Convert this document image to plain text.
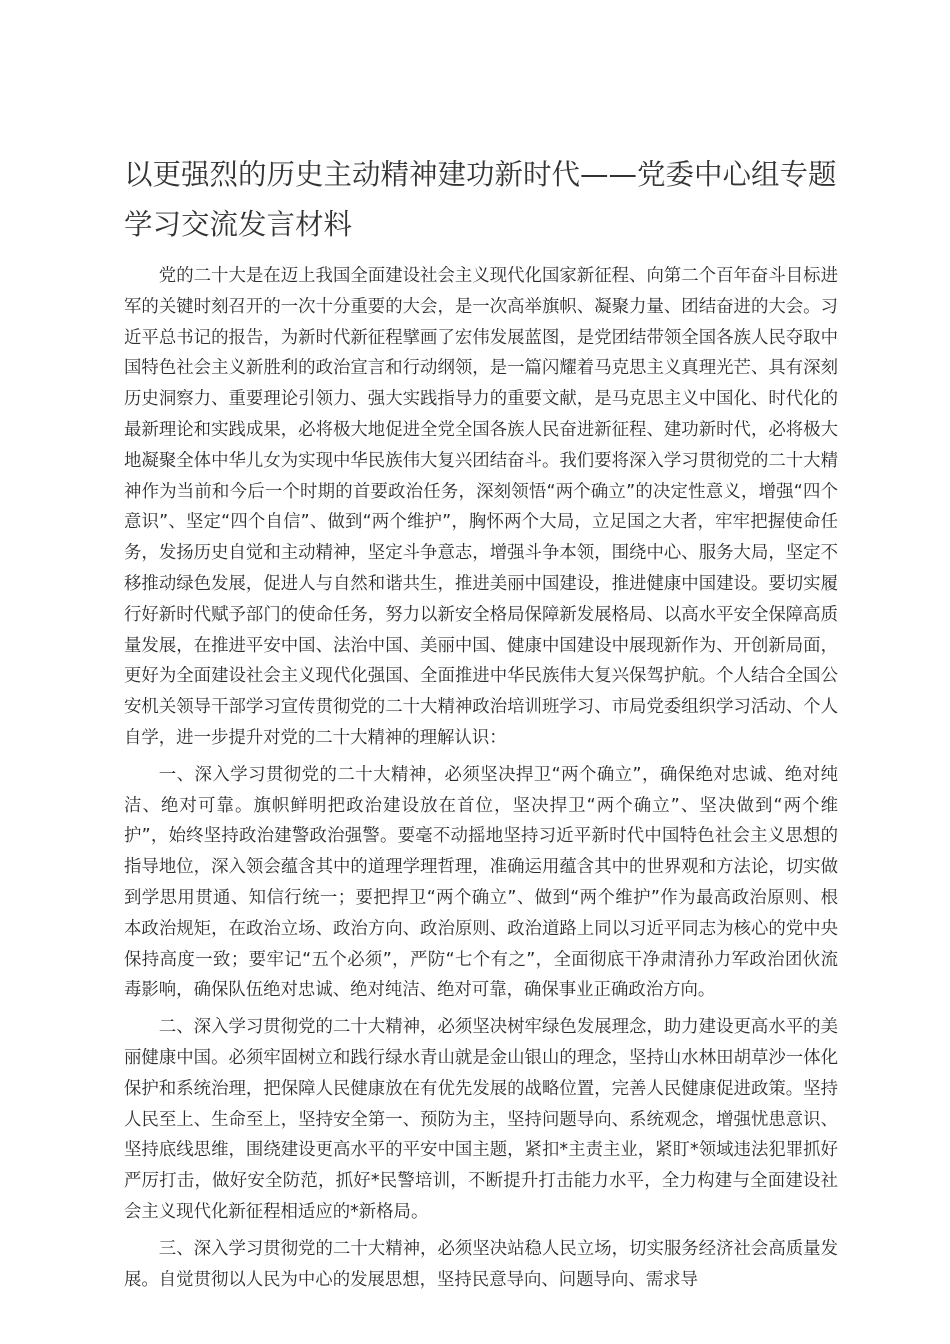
以更强烈的历史主动精神建功新时代——党委中心组专题学习交流发言材料

党的二十大是在迈上我国全面建设社会主义现代化国家新征程、向第二个百年奋斗目标进军的关键时刻召开的一次十分重要的大会，是一次高举旗帜、凝聚力量、团结奋进的大会。习近平总书记的报告，为新时代新征程擘画了宏伟发展蓝图，是党团结带领全国各族人民夺取中国特色社会主义新胜利的政治宣言和行动纲领，是一篇闪耀着马克思主义真理光芒、具有深刻历史洞察力、重要理论引领力、强大实践指导力的重要文献，是马克思主义中国化、时代化的最新理论和实践成果，必将极大地促进全党全国各族人民奋进新征程、建功新时代，必将极大地凝聚全体中华儿女为实现中华民族伟大复兴团结奋斗。我们要将深入学习贯彻党的二十大精神作为当前和今后一个时期的首要政治任务，深刻领悟“两个确立”的决定性意义，增强“四个意识”、坚定“四个自信”、做到“两个维护”，胸怀两个大局，立足国之大者，牢牢把握使命任务，发扬历史自觉和主动精神，坚定斗争意志，增强斗争本领，围绕中心、服务大局，坚定不移推动绿色发展，促进人与自然和谐共生，推进美丽中国建设，推进健康中国建设。要切实履行好新时代赋予部门的使命任务，努力以新安全格局保障新发展格局、以高水平安全保障高质量发展，在推进平安中国、法治中国、美丽中国、健康中国建设中展现新作为、开创新局面，更好为全面建设社会主义现代化强国、全面推进中华民族伟大复兴保驾护航。个人结合全国公安机关领导干部学习宣传贯彻党的二十大精神政治培训班学习、市局党委组织学习活动、个人自学，进一步提升对党的二十大精神的理解认识：

一、深入学习贯彻党的二十大精神，必须坚决捍卫“两个确立”，确保绝对忠诚、绝对纯洁、绝对可靠。旗帜鲜明把政治建设放在首位，坚决捍卫“两个确立”、坚决做到“两个维护”，始终坚持政治建警政治强警。要毫不动摇地坚持习近平新时代中国特色社会主义思想的指导地位，深入领会蕴含其中的道理学理哲理，准确运用蕴含其中的世界观和方法论，切实做到学思用贯通、知信行统一；要把捍卫“两个确立”、做到“两个维护”作为最高政治原则、根本政治规矩，在政治立场、政治方向、政治原则、政治道路上同以习近平同志为核心的党中央保持高度一致；要牢记“五个必须”，严防“七个有之”，全面彻底干净肃清孙力军政治团伙流毒影响，确保队伍绝对忠诚、绝对纯洁、绝对可靠，确保事业正确政治方向。

二、深入学习贯彻党的二十大精神，必须坚决树牢绿色发展理念，助力建设更高水平的美丽健康中国。必须牢固树立和践行绿水青山就是金山银山的理念，坚持山水林田胡草沙一体化保护和系统治理，把保障人民健康放在有优先发展的战略位置，完善人民健康促进政策。坚持人民至上、生命至上，坚持安全第一、预防为主，坚持问题导向、系统观念，增强忧患意识、坚持底线思维，围绕建设更高水平的平安中国主题，紧扣*主责主业，紧盯*领域违法犯罪抓好严厉打击，做好安全防范，抓好*民警培训，不断提升打击能力水平，全力构建与全面建设社会主义现代化新征程相适应的*新格局。

三、深入学习贯彻党的二十大精神，必须坚决站稳人民立场，切实服务经济社会高质量发展。自觉贯彻以人民为中心的发展思想，坚持民意导向、问题导向、需求导
